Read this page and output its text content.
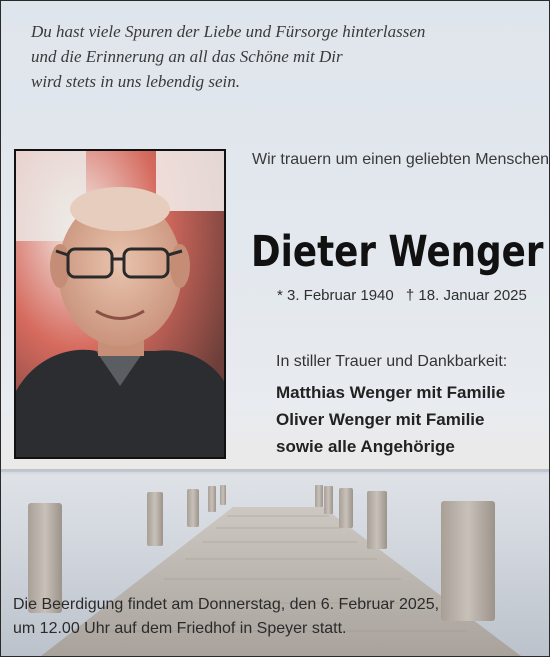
Du hast viele Spuren der Liebe und Fürsorge hinterlassen
und die Erinnerung an all das Schöne mit Dir
wird stets in uns lebendig sein.
Wir trauern um einen geliebten Menschen
Dieter Wenger
* 3. Februar 1940 † 18. Januar 2025
In stiller Trauer und Dankbarkeit:
Matthias Wenger mit Familie
Oliver Wenger mit Familie
sowie alle Angehörige
Die Beerdigung findet am Donnerstag, den 6. Februar 2025,
um 12.00 Uhr auf dem Friedhof in Speyer statt.
